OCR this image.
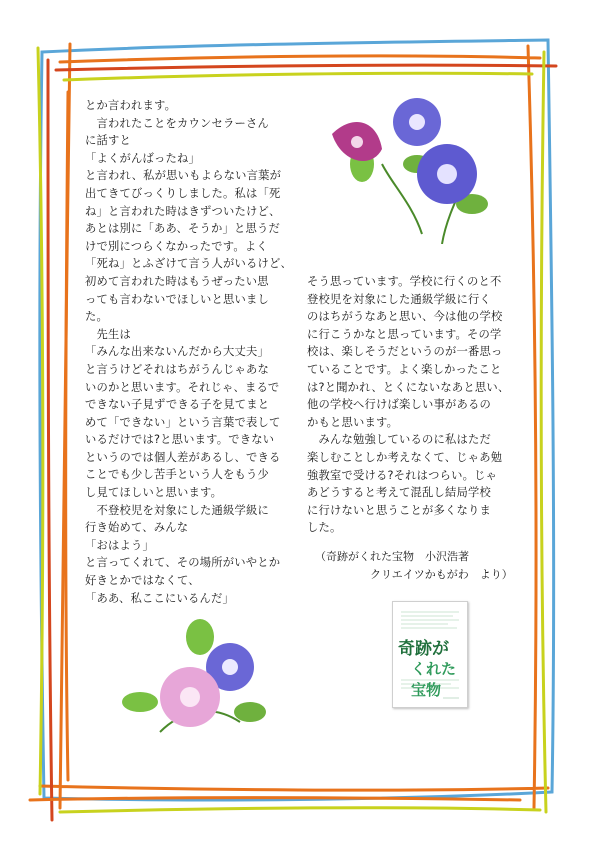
とか言われます。

　言われたことをカウンセラーさん

に話すと

「よくがんばったね」

と言われ、私が思いもよらない言葉が

出てきてびっくりしました。私は「死

ね」と言われた時はきずついたけど、

あとは別に「ああ、そうか」と思うだ

けで別につらくなかったです。よく

「死ね」とふざけて言う人がいるけど、

初めて言われた時はもうぜったい思

っても言わないでほしいと思いまし

た。

　先生は

「みんな出来ないんだから大丈夫」

と言うけどそれはちがうんじゃあな

いのかと思います。それじゃ、まるで

できない子見ずできる子を見てまと

めて「できない」という言葉で表して

いるだけでは?と思います。できない

というのでは個人差があるし、できる

ことでも少し苦手という人をもう少

し見てほしいと思います。

　不登校児を対象にした通級学級に

行き始めて、みんな

「おはよう」

と言ってくれて、その場所がいやとか

好きとかではなくて、

「ああ、私ここにいるんだ」

そう思っています。学校に行くのと不

登校児を対象にした通級学級に行く

のはちがうなあと思い、今は他の学校

に行こうかなと思っています。その学

校は、楽しそうだというのが一番思っ

ていることです。よく楽しかったこと

は?と聞かれ、とくにないなあと思い、

他の学校へ行けば楽しい事があるの

かもと思います。

　みんな勉強しているのに私はただ

楽しむことしか考えなくて、じゃあ勉

強教室で受ける?それはつらい。じゃ

あどうすると考えて混乱し結局学校

に行けないと思うことが多くなりま

した。

（奇跡がくれた宝物　小沢浩著

　　　　　クリエイツかもがわ　より）

奇跡が
くれた宝物
